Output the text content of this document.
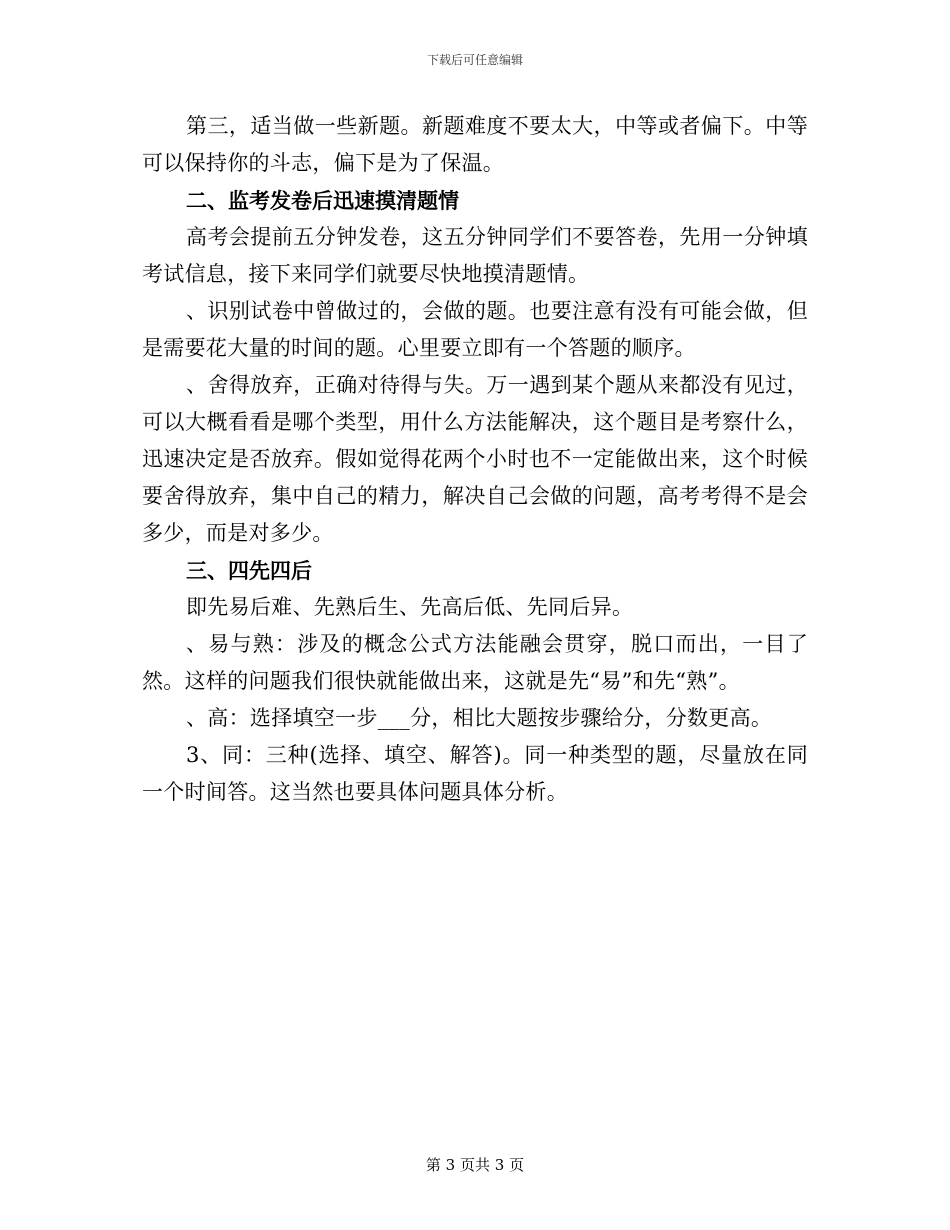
下载后可任意编辑

第三，适当做一些新题。新题难度不要太大，中等或者偏下。中等可以保持你的斗志，偏下是为了保温。

二、监考发卷后迅速摸清题情

高考会提前五分钟发卷，这五分钟同学们不要答卷，先用一分钟填考试信息，接下来同学们就要尽快地摸清题情。

、识别试卷中曾做过的，会做的题。也要注意有没有可能会做，但是需要花大量的时间的题。心里要立即有一个答题的顺序。

、舍得放弃，正确对待得与失。万一遇到某个题从来都没有见过，可以大概看看是哪个类型，用什么方法能解决，这个题目是考察什么，迅速决定是否放弃。假如觉得花两个小时也不一定能做出来，这个时候要舍得放弃，集中自己的精力，解决自己会做的问题，高考考得不是会多少，而是对多少。

三、四先四后

即先易后难、先熟后生、先高后低、先同后异。

、易与熟：涉及的概念公式方法能融会贯穿，脱口而出，一目了然。这样的问题我们很快就能做出来，这就是先“易”和先“熟”。

、高：选择填空一步___分，相比大题按步骤给分，分数更高。

3、同：三种(选择、填空、解答)。同一种类型的题，尽量放在同一个时间答。这当然也要具体问题具体分析。

第 3 页共 3 页
